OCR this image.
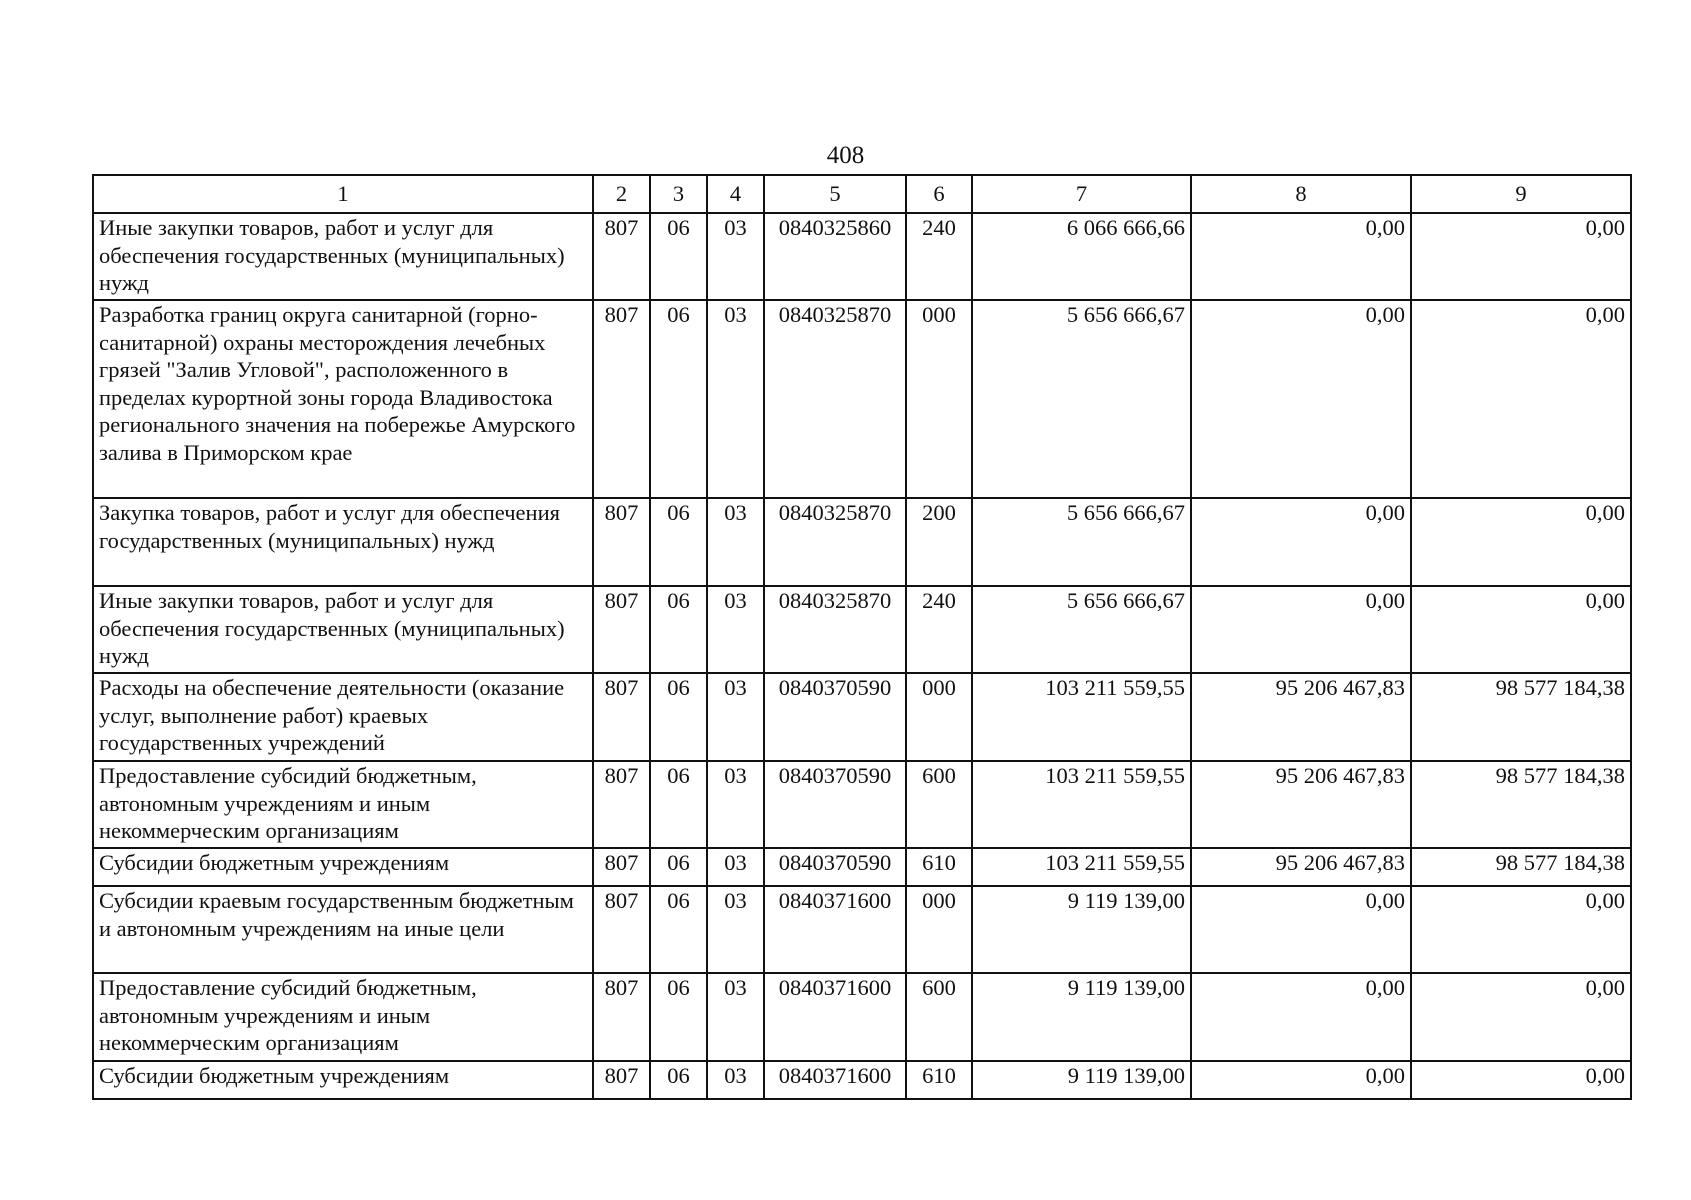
408
1	2	3	4	5	6	7	8	9
Иные закупки товаров, работ и услуг для обеспечения государственных (муниципальных) нужд	807	06	03	0840325860	240	6 066 666,66	0,00	0,00
Разработка границ округа санитарной (горно-санитарной) охраны месторождения лечебных грязей "Залив Угловой", расположенного в пределах курортной зоны города Владивостока регионального значения на побережье Амурского залива в Приморском крае	807	06	03	0840325870	000	5 656 666,67	0,00	0,00
Закупка товаров, работ и услуг для обеспечения государственных (муниципальных) нужд	807	06	03	0840325870	200	5 656 666,67	0,00	0,00
Иные закупки товаров, работ и услуг для обеспечения государственных (муниципальных) нужд	807	06	03	0840325870	240	5 656 666,67	0,00	0,00
Расходы на обеспечение деятельности (оказание услуг, выполнение работ) краевых государственных учреждений	807	06	03	0840370590	000	103 211 559,55	95 206 467,83	98 577 184,38
Предоставление субсидий бюджетным, автономным учреждениям и иным некоммерческим организациям	807	06	03	0840370590	600	103 211 559,55	95 206 467,83	98 577 184,38
Субсидии бюджетным учреждениям	807	06	03	0840370590	610	103 211 559,55	95 206 467,83	98 577 184,38
Субсидии краевым государственным бюджетным и автономным учреждениям на иные цели	807	06	03	0840371600	000	9 119 139,00	0,00	0,00
Предоставление субсидий бюджетным, автономным учреждениям и иным некоммерческим организациям	807	06	03	0840371600	600	9 119 139,00	0,00	0,00
Субсидии бюджетным учреждениям	807	06	03	0840371600	610	9 119 139,00	0,00	0,00
